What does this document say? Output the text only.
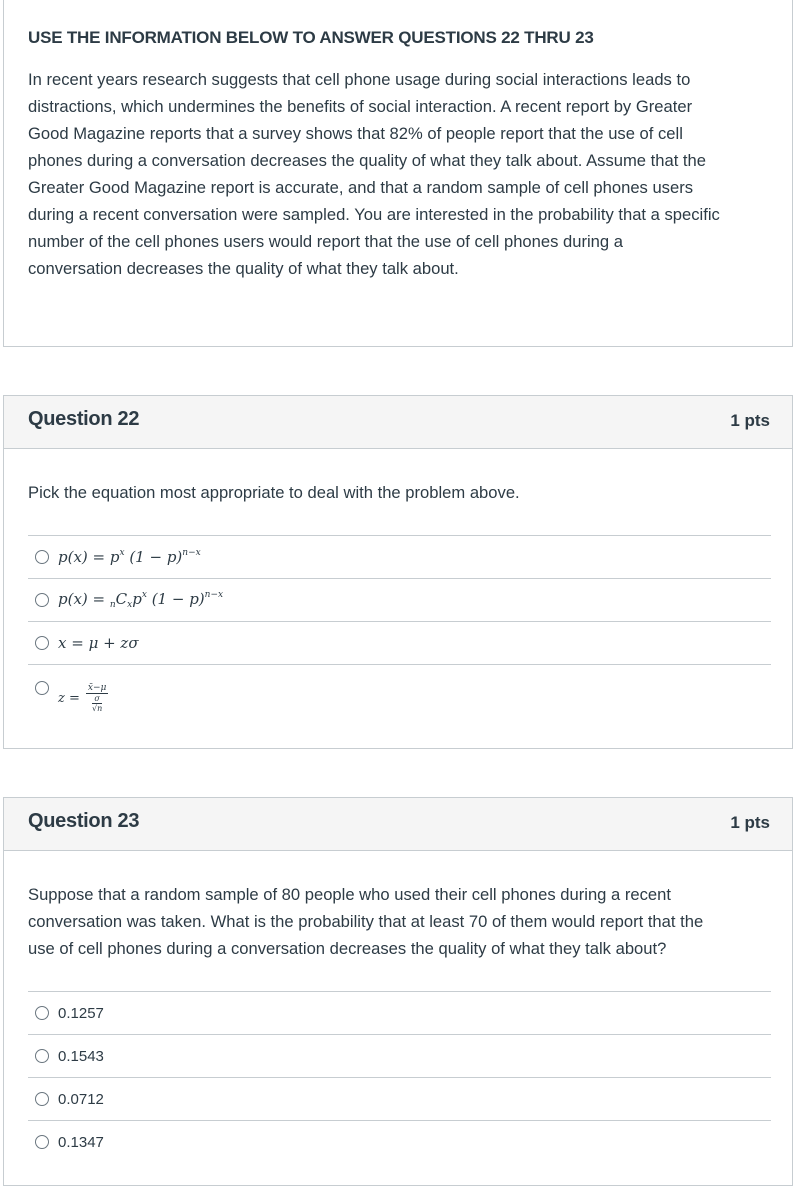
USE THE INFORMATION BELOW TO ANSWER QUESTIONS 22 THRU 23
In recent years research suggests that cell phone usage during social interactions leads to
distractions, which undermines the benefits of social interaction. A recent report by Greater
Good Magazine reports that a survey shows that 82% of people report that the use of cell
phones during a conversation decreases the quality of what they talk about. Assume that the
Greater Good Magazine report is accurate, and that a random sample of cell phones users
during a recent conversation were sampled. You are interested in the probability that a specific
number of the cell phones users would report that the use of cell phones during a
conversation decreases the quality of what they talk about.
Question 22	1 pts
Pick the equation most appropriate to deal with the problem above.
$p(x) = p^x$ $(1 - p)^{n-x}$
$p(x) = _nC_xp^x$ $(1 - p)^{n-x}$
x = μ + zσ
$z = \frac{x̄-\mu}{\frac{\sigma}{√n}}$
Question 23	1 pts
Suppose that a random sample of 80 people who used their cell phones during a recent
conversation was taken. What is the probability that at least 70 of them would report that the
use of cell phones during a conversation decreases the quality of what they talk about?
0.1257
0.1543
0.0712
0.1347
